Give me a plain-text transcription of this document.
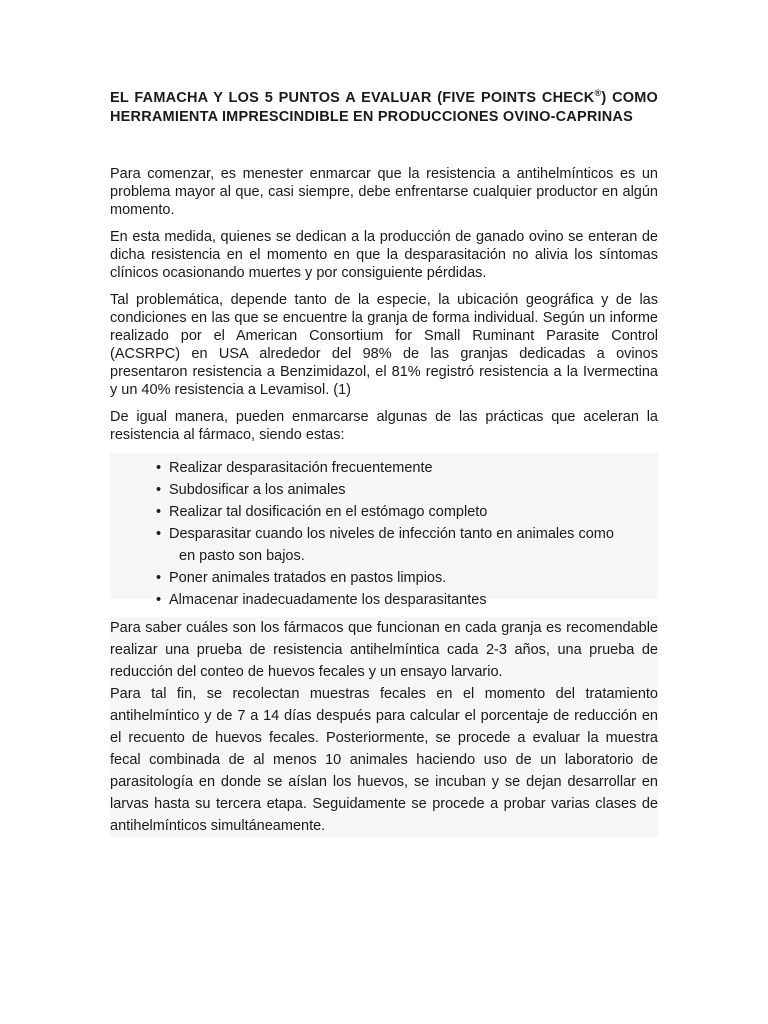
EL FAMACHA Y LOS 5 PUNTOS A EVALUAR (FIVE POINTS CHECK®) COMO HERRAMIENTA IMPRESCINDIBLE EN PRODUCCIONES OVINO-CAPRINAS

Para comenzar, es menester enmarcar que la resistencia a antihelmínticos es un problema mayor al que, casi siempre, debe enfrentarse cualquier productor en algún momento.

En esta medida, quienes se dedican a la producción de ganado ovino se enteran de dicha resistencia en el momento en que la desparasitación no alivia los síntomas clínicos ocasionando muertes y por consiguiente pérdidas.

Tal problemática, depende tanto de la especie, la ubicación geográfica y de las condiciones en las que se encuentre la granja de forma individual. Según un informe realizado por el American Consortium for Small Ruminant Parasite Control (ACSRPC) en USA alrededor del 98% de las granjas dedicadas a ovinos presentaron resistencia a Benzimidazol, el 81% registró resistencia a la Ivermectina y un 40% resistencia a Levamisol. (1)

De igual manera, pueden enmarcarse algunas de las prácticas que aceleran la resistencia al fármaco, siendo estas:

• Realizar desparasitación frecuentemente
• Subdosificar a los animales
• Realizar tal dosificación en el estómago completo
• Desparasitar cuando los niveles de infección tanto en animales como
en pasto son bajos.
• Poner animales tratados en pastos limpios.
• Almacenar inadecuadamente los desparasitantes

Para saber cuáles son los fármacos que funcionan en cada granja es recomendable realizar una prueba de resistencia antihelmíntica cada 2-3 años, una prueba de reducción del conteo de huevos fecales y un ensayo larvario.

Para tal fin, se recolectan muestras fecales en el momento del tratamiento antihelmíntico y de 7 a 14 días después para calcular el porcentaje de reducción en el recuento de huevos fecales. Posteriormente, se procede a evaluar la muestra fecal combinada de al menos 10 animales haciendo uso de un laboratorio de parasitología en donde se aíslan los huevos, se incuban y se dejan desarrollar en larvas hasta su tercera etapa. Seguidamente se procede a probar varias clases de antihelmínticos simultáneamente.
